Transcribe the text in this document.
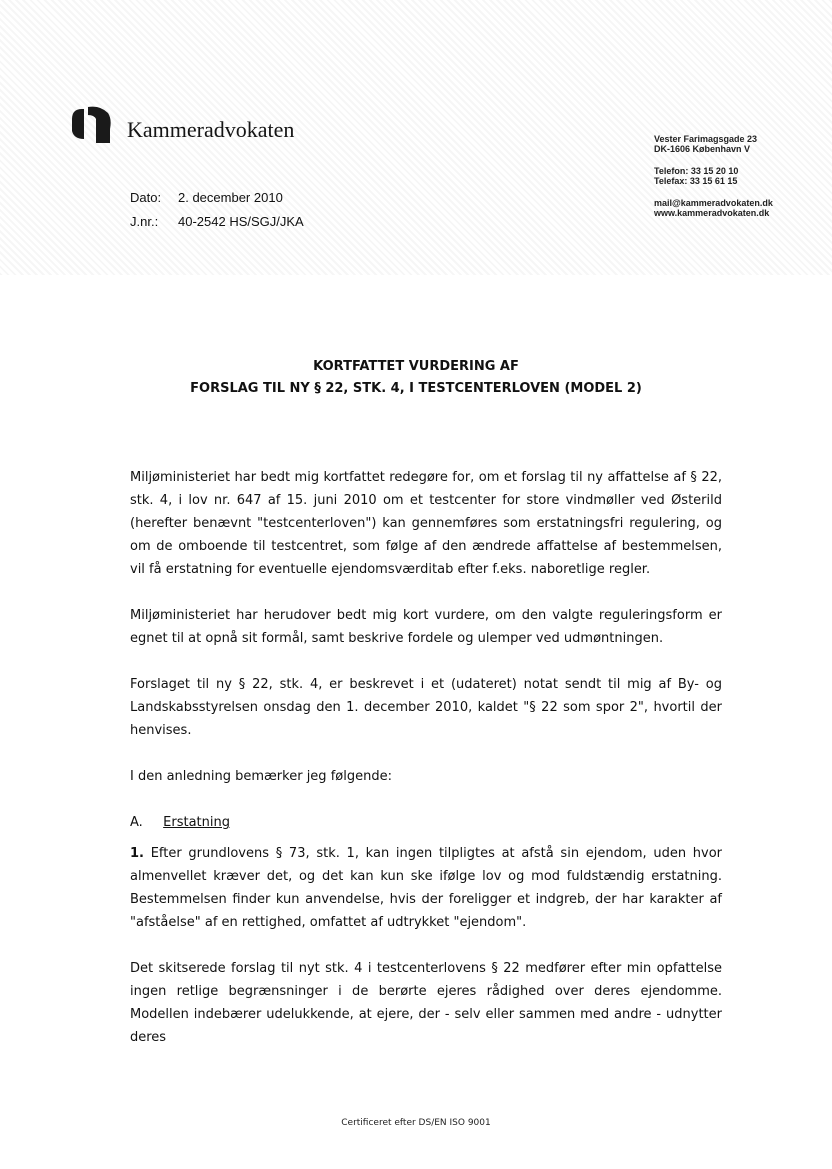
Kammeradvokaten
Dato:	2. december 2010
J.nr.:	40-2542 HS/SGJ/JKA
Vester Farimagsgade 23
DK-1606 København V
Telefon: 33 15 20 10
Telefax: 33 15 61 15
mail@kammeradvokaten.dk
www.kammeradvokaten.dk
KORTFATTET VURDERING AF
FORSLAG TIL NY § 22, STK. 4, I TESTCENTERLOVEN (MODEL 2)

Miljøministeriet har bedt mig kortfattet redegøre for, om et forslag til ny affattelse af § 22, stk. 4, i lov nr. 647 af 15. juni 2010 om et testcenter for store vindmøller ved Østerild (herefter benævnt "testcenterloven") kan gennemføres som erstatningsfri regulering, og om de omboende til testcentret, som følge af den ændrede affattelse af bestemmelsen, vil få erstatning for eventuelle ejendomsværditab efter f.eks. naboretlige regler.

Miljøministeriet har herudover bedt mig kort vurdere, om den valgte reguleringsform er egnet til at opnå sit formål, samt beskrive fordele og ulemper ved udmøntningen.

Forslaget til ny § 22, stk. 4, er beskrevet i et (udateret) notat sendt til mig af By- og Landskabsstyrelsen onsdag den 1. december 2010, kaldet "§ 22 som spor 2", hvortil der henvises.

I den anledning bemærker jeg følgende:

A. Erstatning

1. Efter grundlovens § 73, stk. 1, kan ingen tilpligtes at afstå sin ejendom, uden hvor almenvellet kræver det, og det kan kun ske ifølge lov og mod fuldstændig erstatning. Bestemmelsen finder kun anvendelse, hvis der foreligger et indgreb, der har karakter af "afståelse" af en rettighed, omfattet af udtrykket "ejendom".

Det skitserede forslag til nyt stk. 4 i testcenterlovens § 22 medfører efter min opfattelse ingen retlige begrænsninger i de berørte ejeres rådighed over deres ejendomme. Modellen indebærer udelukkende, at ejere, der - selv eller sammen med andre - udnytter deres

Certificeret efter DS/EN ISO 9001
